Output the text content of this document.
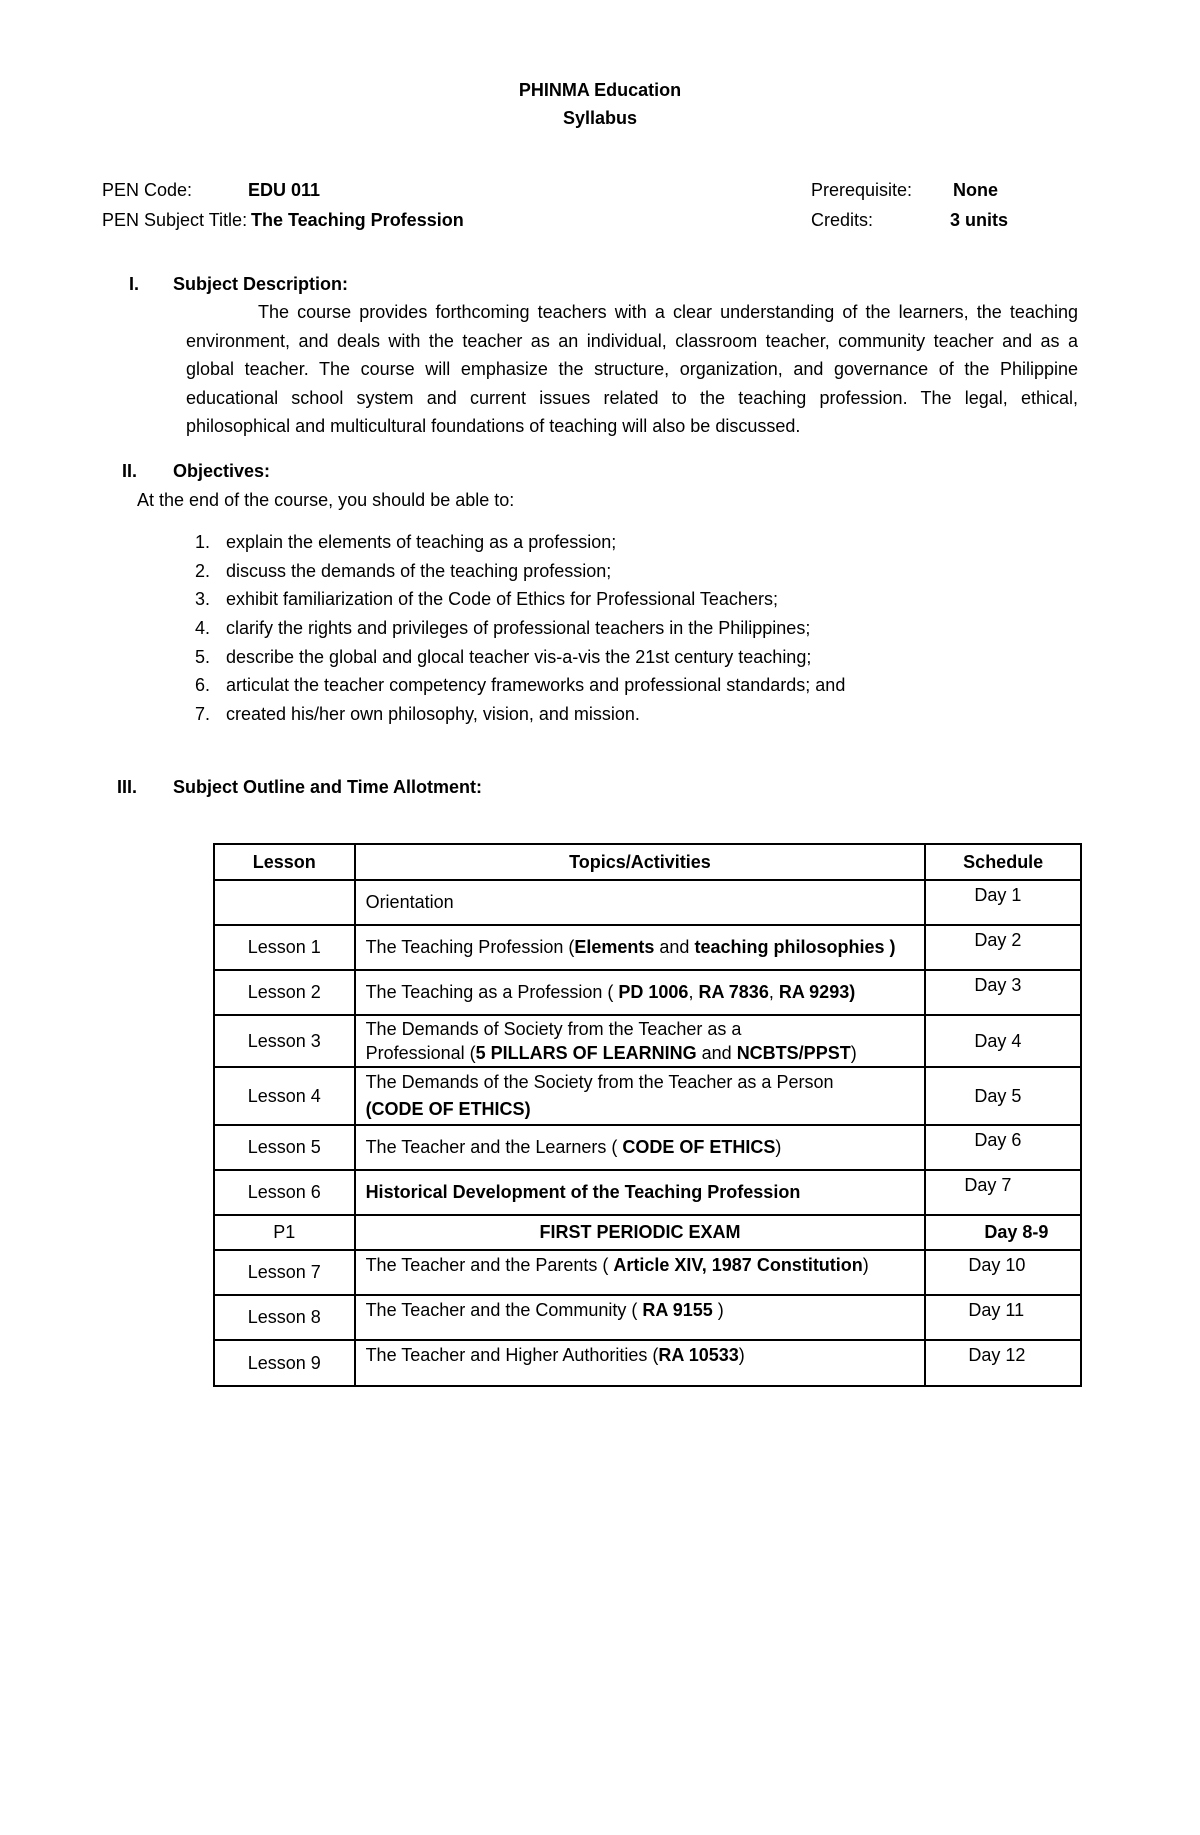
PHINMA Education
Syllabus
PEN Code:	EDU 011
PEN Subject Title: The Teaching Profession
Prerequisite: None
Credits:	3 units
I. Subject Description:
The course provides forthcoming teachers with a clear understanding of the learners, the teaching environment, and deals with the teacher as an individual, classroom teacher, community teacher and as a global teacher. The course will emphasize the structure, organization, and governance of the Philippine educational school system and current issues related to the teaching profession. The legal, ethical, philosophical and multicultural foundations of teaching will also be discussed.
II. Objectives:
At the end of the course, you should be able to:
1. explain the elements of teaching as a profession;
2. discuss the demands of the teaching profession;
3. exhibit familiarization of the Code of Ethics for Professional Teachers;
4. clarify the rights and privileges of professional teachers in the Philippines;
5. describe the global and glocal teacher vis-a-vis the 21st century teaching;
6. articulat the teacher competency frameworks and professional standards; and
7. created his/her own philosophy, vision, and mission.
III. Subject Outline and Time Allotment:
Lesson	Topics/Activities	Schedule
	Orientation	Day 1
Lesson 1	The Teaching Profession (Elements and teaching philosophies )	Day 2
Lesson 2	The Teaching as a Profession ( PD 1006, RA 7836, RA 9293)	Day 3
Lesson 3	The Demands of Society from the Teacher as a
Professional (5 PILLARS OF LEARNING and NCBTS/PPST)	Day 4
Lesson 4	The Demands of the Society from the Teacher as a Person
(CODE OF ETHICS)	Day 5
Lesson 5	The Teacher and the Learners ( CODE OF ETHICS)	Day 6
Lesson 6	Historical Development of the Teaching Profession	Day 7
P1	FIRST PERIODIC EXAM	Day 8-9
Lesson 7	The Teacher and the Parents ( Article XIV, 1987 Constitution)	Day 10
Lesson 8	The Teacher and the Community ( RA 9155 )	Day 11
Lesson 9	The Teacher and Higher Authorities (RA 10533)	Day 12
